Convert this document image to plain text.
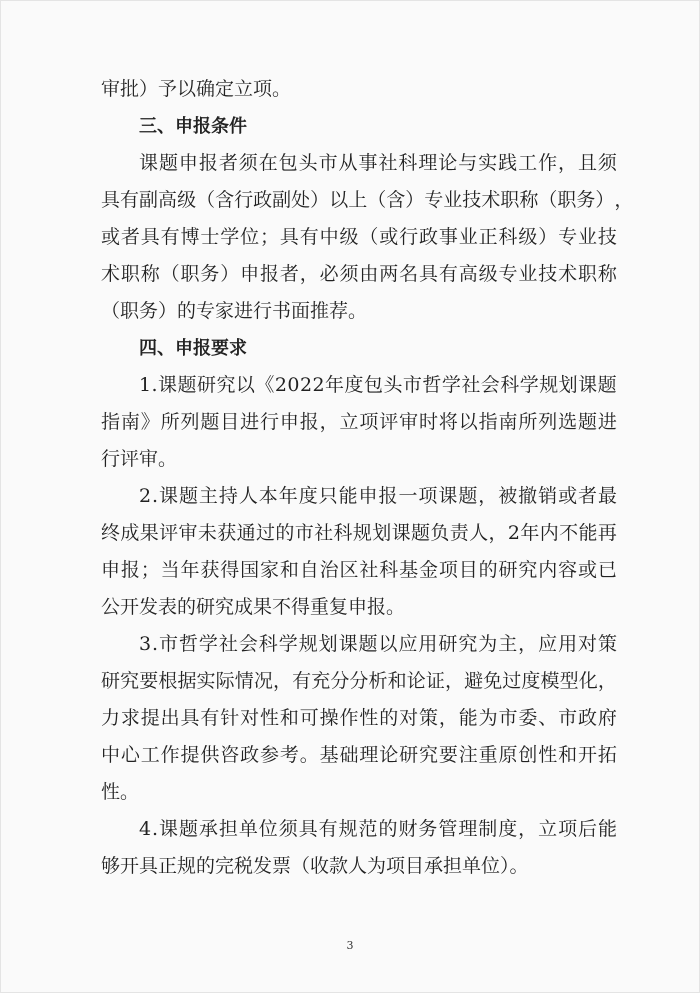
审批）予以确定立项。
三、申报条件
课 题 申 报 者 须 在 包 头 市 从 事 社 科 理 论 与 实 践 工 作 ， 且 须
具 有 副 高 级 （ 含 行 政 副 处 ） 以 上 （ 含 ） 专 业 技 术 职 称 （ 职 务 ） ，
或 者 具 有 博 士 学 位 ； 具 有 中 级 （ 或 行 政 事 业 正 科 级 ） 专 业 技
术 职 称 （ 职 务 ） 申 报 者 ， 必 须 由 两 名 具 有 高 级 专 业 技 术 职 称
（职务）的专家进行书面推荐。
四、申报要求
1 . 课 题 研 究 以 《 2 0 2 2 年 度 包 头 市 哲 学 社 会 科 学 规 划 课 题
指 南 》 所 列 题 目 进 行 申 报 ， 立 项 评 审 时 将 以 指 南 所 列 选 题 进
行评审。
2 . 课 题 主 持 人 本 年 度 只 能 申 报 一 项 课 题 ， 被 撤 销 或 者 最
终 成 果 评 审 未 获 通 过 的 市 社 科 规 划 课 题 负 责 人 ， 2 年 内 不 能 再
申 报 ； 当 年 获 得 国 家 和 自 治 区 社 科 基 金 项 目 的 研 究 内 容 或 已
公开发表的研究成果不得重复申报。
3 . 市 哲 学 社 会 科 学 规 划 课 题 以 应 用 研 究 为 主 ， 应 用 对 策
研 究 要 根 据 实 际 情 况 ， 有 充 分 分 析 和 论 证 ， 避 免 过 度 模 型 化 ，
力 求 提 出 具 有 针 对 性 和 可 操 作 性 的 对 策 ， 能 为 市 委 、 市 政 府
中 心 工 作 提 供 咨 政 参 考 。 基 础 理 论 研 究 要 注 重 原 创 性 和 开 拓
性。
4 . 课 题 承 担 单 位 须 具 有 规 范 的 财 务 管 理 制 度 ， 立 项 后 能
够开具正规的完税发票（收款人为项目承担单位）。
3
